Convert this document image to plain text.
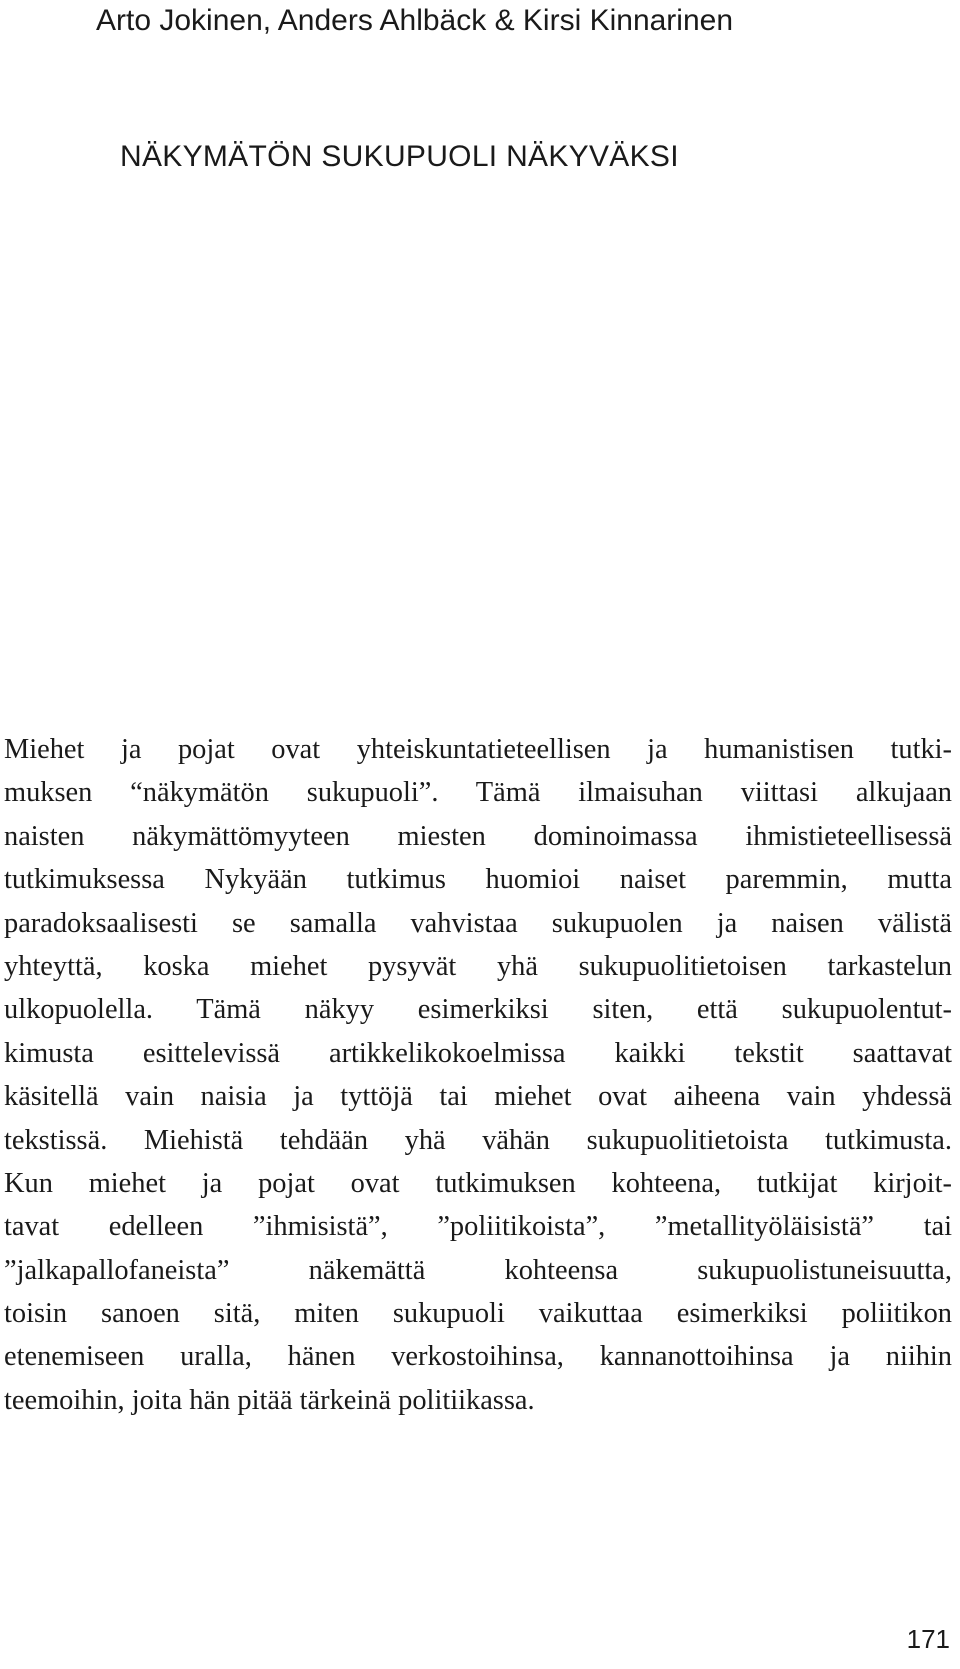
Arto Jokinen, Anders Ahlbäck & Kirsi Kinnarinen
NÄKYMÄTÖN SUKUPUOLI NÄKYVÄKSI
Miehet ja pojat ovat yhteiskuntatieteellisen ja humanistisen tutki-
muksen “näkymätön sukupuoli”. Tämä ilmaisuhan viittasi alkujaan
naisten näkymättömyyteen miesten dominoimassa ihmistieteellisessä
tutkimuksessa Nykyään tutkimus huomioi naiset paremmin, mutta
paradoksaalisesti se samalla vahvistaa sukupuolen ja naisen välistä
yhteyttä, koska miehet pysyvät yhä sukupuolitietoisen tarkastelun
ulkopuolella. Tämä näkyy esimerkiksi siten, että sukupuolentut-
kimusta esittelevissä artikkelikokoelmissa kaikki tekstit saattavat
käsitellä vain naisia ja tyttöjä tai miehet ovat aiheena vain yhdessä
tekstissä. Miehistä tehdään yhä vähän sukupuolitietoista tutkimusta.
Kun miehet ja pojat ovat tutkimuksen kohteena, tutkijat kirjoit-
tavat edelleen ”ihmisistä”, ”poliitikoista”, ”metallityöläisistä” tai
”jalkapallofaneista” näkemättä kohteensa sukupuolistuneisuutta,
toisin sanoen sitä, miten sukupuoli vaikuttaa esimerkiksi poliitikon
etenemiseen uralla, hänen verkostoihinsa, kannanottoihinsa ja niihin
teemoihin, joita hän pitää tärkeinä politiikassa.
171
